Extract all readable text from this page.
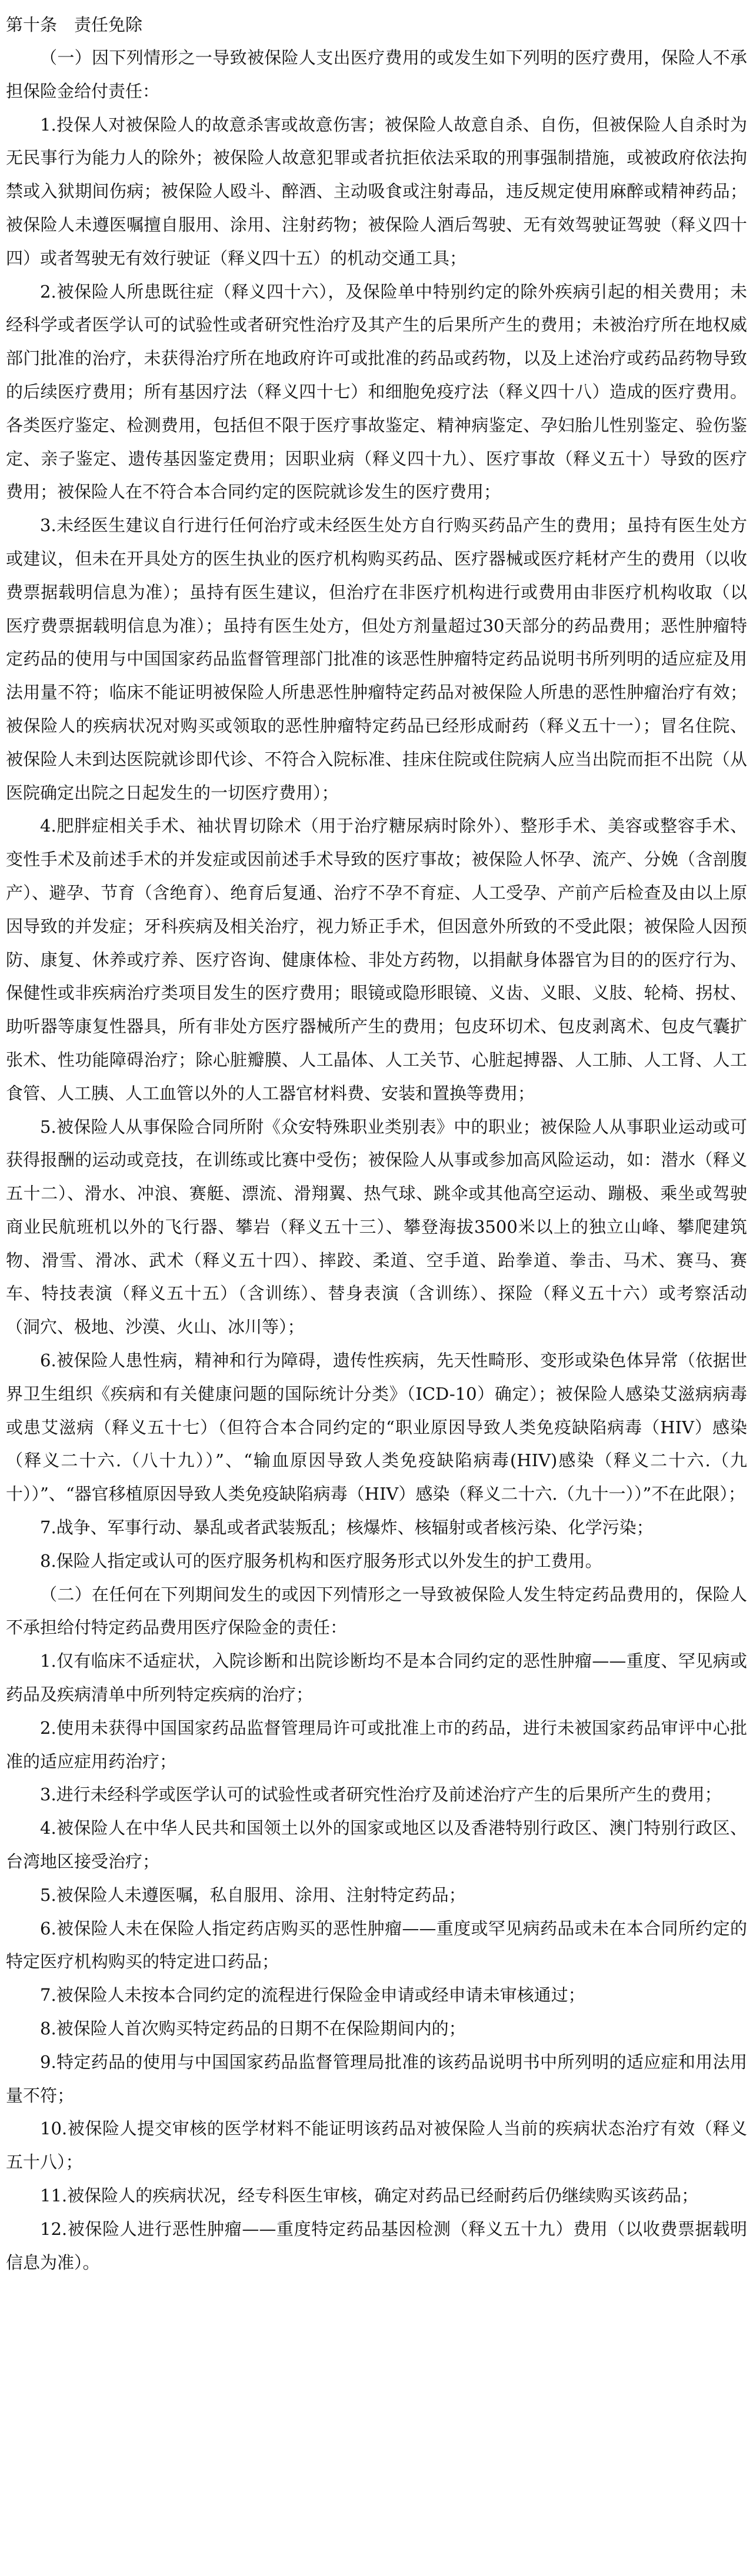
第十条　责任免除

（一）因下列情形之一导致被保险人支出医疗费用的或发生如下列明的医疗费用，保险人不承担保险金给付责任：

1.投保人对被保险人的故意杀害或故意伤害；被保险人故意自杀、自伤，但被保险人自杀时为无民事行为能力人的除外；被保险人故意犯罪或者抗拒依法采取的刑事强制措施，或被政府依法拘禁或入狱期间伤病；被保险人殴斗、醉酒、主动吸食或注射毒品，违反规定使用麻醉或精神药品；被保险人未遵医嘱擅自服用、涂用、注射药物；被保险人酒后驾驶、无有效驾驶证驾驶（释义四十四）或者驾驶无有效行驶证（释义四十五）的机动交通工具；

2.被保险人所患既往症（释义四十六），及保险单中特别约定的除外疾病引起的相关费用；未经科学或者医学认可的试验性或者研究性治疗及其产生的后果所产生的费用；未被治疗所在地权威部门批准的治疗，未获得治疗所在地政府许可或批准的药品或药物，以及上述治疗或药品药物导致的后续医疗费用；所有基因疗法（释义四十七）和细胞免疫疗法（释义四十八）造成的医疗费用。各类医疗鉴定、检测费用，包括但不限于医疗事故鉴定、精神病鉴定、孕妇胎儿性别鉴定、验伤鉴定、亲子鉴定、遗传基因鉴定费用；因职业病（释义四十九）、医疗事故（释义五十）导致的医疗费用；被保险人在不符合本合同约定的医院就诊发生的医疗费用；

3.未经医生建议自行进行任何治疗或未经医生处方自行购买药品产生的费用；虽持有医生处方或建议，但未在开具处方的医生执业的医疗机构购买药品、医疗器械或医疗耗材产生的费用（以收费票据载明信息为准）；虽持有医生建议，但治疗在非医疗机构进行或费用由非医疗机构收取（以医疗费票据载明信息为准）；虽持有医生处方，但处方剂量超过30天部分的药品费用；恶性肿瘤特定药品的使用与中国国家药品监督管理部门批准的该恶性肿瘤特定药品说明书所列明的适应症及用法用量不符；临床不能证明被保险人所患恶性肿瘤特定药品对被保险人所患的恶性肿瘤治疗有效；被保险人的疾病状况对购买或领取的恶性肿瘤特定药品已经形成耐药（释义五十一）；冒名住院、被保险人未到达医院就诊即代诊、不符合入院标准、挂床住院或住院病人应当出院而拒不出院（从医院确定出院之日起发生的一切医疗费用）；

4.肥胖症相关手术、袖状胃切除术（用于治疗糖尿病时除外）、整形手术、美容或整容手术、变性手术及前述手术的并发症或因前述手术导致的医疗事故；被保险人怀孕、流产、分娩（含剖腹产）、避孕、节育（含绝育）、绝育后复通、治疗不孕不育症、人工受孕、产前产后检查及由以上原因导致的并发症；牙科疾病及相关治疗，视力矫正手术，但因意外所致的不受此限；被保险人因预防、康复、休养或疗养、医疗咨询、健康体检、非处方药物，以捐献身体器官为目的的医疗行为、保健性或非疾病治疗类项目发生的医疗费用；眼镜或隐形眼镜、义齿、义眼、义肢、轮椅、拐杖、助听器等康复性器具，所有非处方医疗器械所产生的费用；包皮环切术、包皮剥离术、包皮气囊扩张术、性功能障碍治疗；除心脏瓣膜、人工晶体、人工关节、心脏起搏器、人工肺、人工肾、人工食管、人工胰、人工血管以外的人工器官材料费、安装和置换等费用；

5.被保险人从事保险合同所附《众安特殊职业类别表》中的职业；被保险人从事职业运动或可获得报酬的运动或竞技，在训练或比赛中受伤；被保险人从事或参加高风险运动，如：潜水（释义五十二）、滑水、冲浪、赛艇、漂流、滑翔翼、热气球、跳伞或其他高空运动、蹦极、乘坐或驾驶商业民航班机以外的飞行器、攀岩（释义五十三）、攀登海拔3500米以上的独立山峰、攀爬建筑物、滑雪、滑冰、武术（释义五十四）、摔跤、柔道、空手道、跆拳道、拳击、马术、赛马、赛车、特技表演（释义五十五）（含训练）、替身表演（含训练）、探险（释义五十六）或考察活动（洞穴、极地、沙漠、火山、冰川等）；

6.被保险人患性病，精神和行为障碍，遗传性疾病，先天性畸形、变形或染色体异常（依据世界卫生组织《疾病和有关健康问题的国际统计分类》（ICD-10）确定）；被保险人感染艾滋病病毒或患艾滋病（释义五十七）（但符合本合同约定的“职业原因导致人类免疫缺陷病毒（HIV）感染（释义二十六.（八十九））”、“输血原因导致人类免疫缺陷病毒(HIV)感染（释义二十六.（九十））”、“器官移植原因导致人类免疫缺陷病毒（HIV）感染（释义二十六.（九十一））”不在此限）；

7.战争、军事行动、暴乱或者武装叛乱；核爆炸、核辐射或者核污染、化学污染；

8.保险人指定或认可的医疗服务机构和医疗服务形式以外发生的护工费用。

（二）在任何在下列期间发生的或因下列情形之一导致被保险人发生特定药品费用的，保险人不承担给付特定药品费用医疗保险金的责任：

1.仅有临床不适症状，入院诊断和出院诊断均不是本合同约定的恶性肿瘤——重度、罕见病或药品及疾病清单中所列特定疾病的治疗；

2.使用未获得中国国家药品监督管理局许可或批准上市的药品，进行未被国家药品审评中心批准的适应症用药治疗；

3.进行未经科学或医学认可的试验性或者研究性治疗及前述治疗产生的后果所产生的费用；

4.被保险人在中华人民共和国领土以外的国家或地区以及香港特别行政区、澳门特别行政区、台湾地区接受治疗；

5.被保险人未遵医嘱，私自服用、涂用、注射特定药品；

6.被保险人未在保险人指定药店购买的恶性肿瘤——重度或罕见病药品或未在本合同所约定的特定医疗机构购买的特定进口药品；

7.被保险人未按本合同约定的流程进行保险金申请或经申请未审核通过；

8.被保险人首次购买特定药品的日期不在保险期间内的；

9.特定药品的使用与中国国家药品监督管理局批准的该药品说明书中所列明的适应症和用法用量不符；

10.被保险人提交审核的医学材料不能证明该药品对被保险人当前的疾病状态治疗有效（释义五十八）；

11.被保险人的疾病状况，经专科医生审核，确定对药品已经耐药后仍继续购买该药品；

12.被保险人进行恶性肿瘤——重度特定药品基因检测（释义五十九）费用（以收费票据载明信息为准）。
